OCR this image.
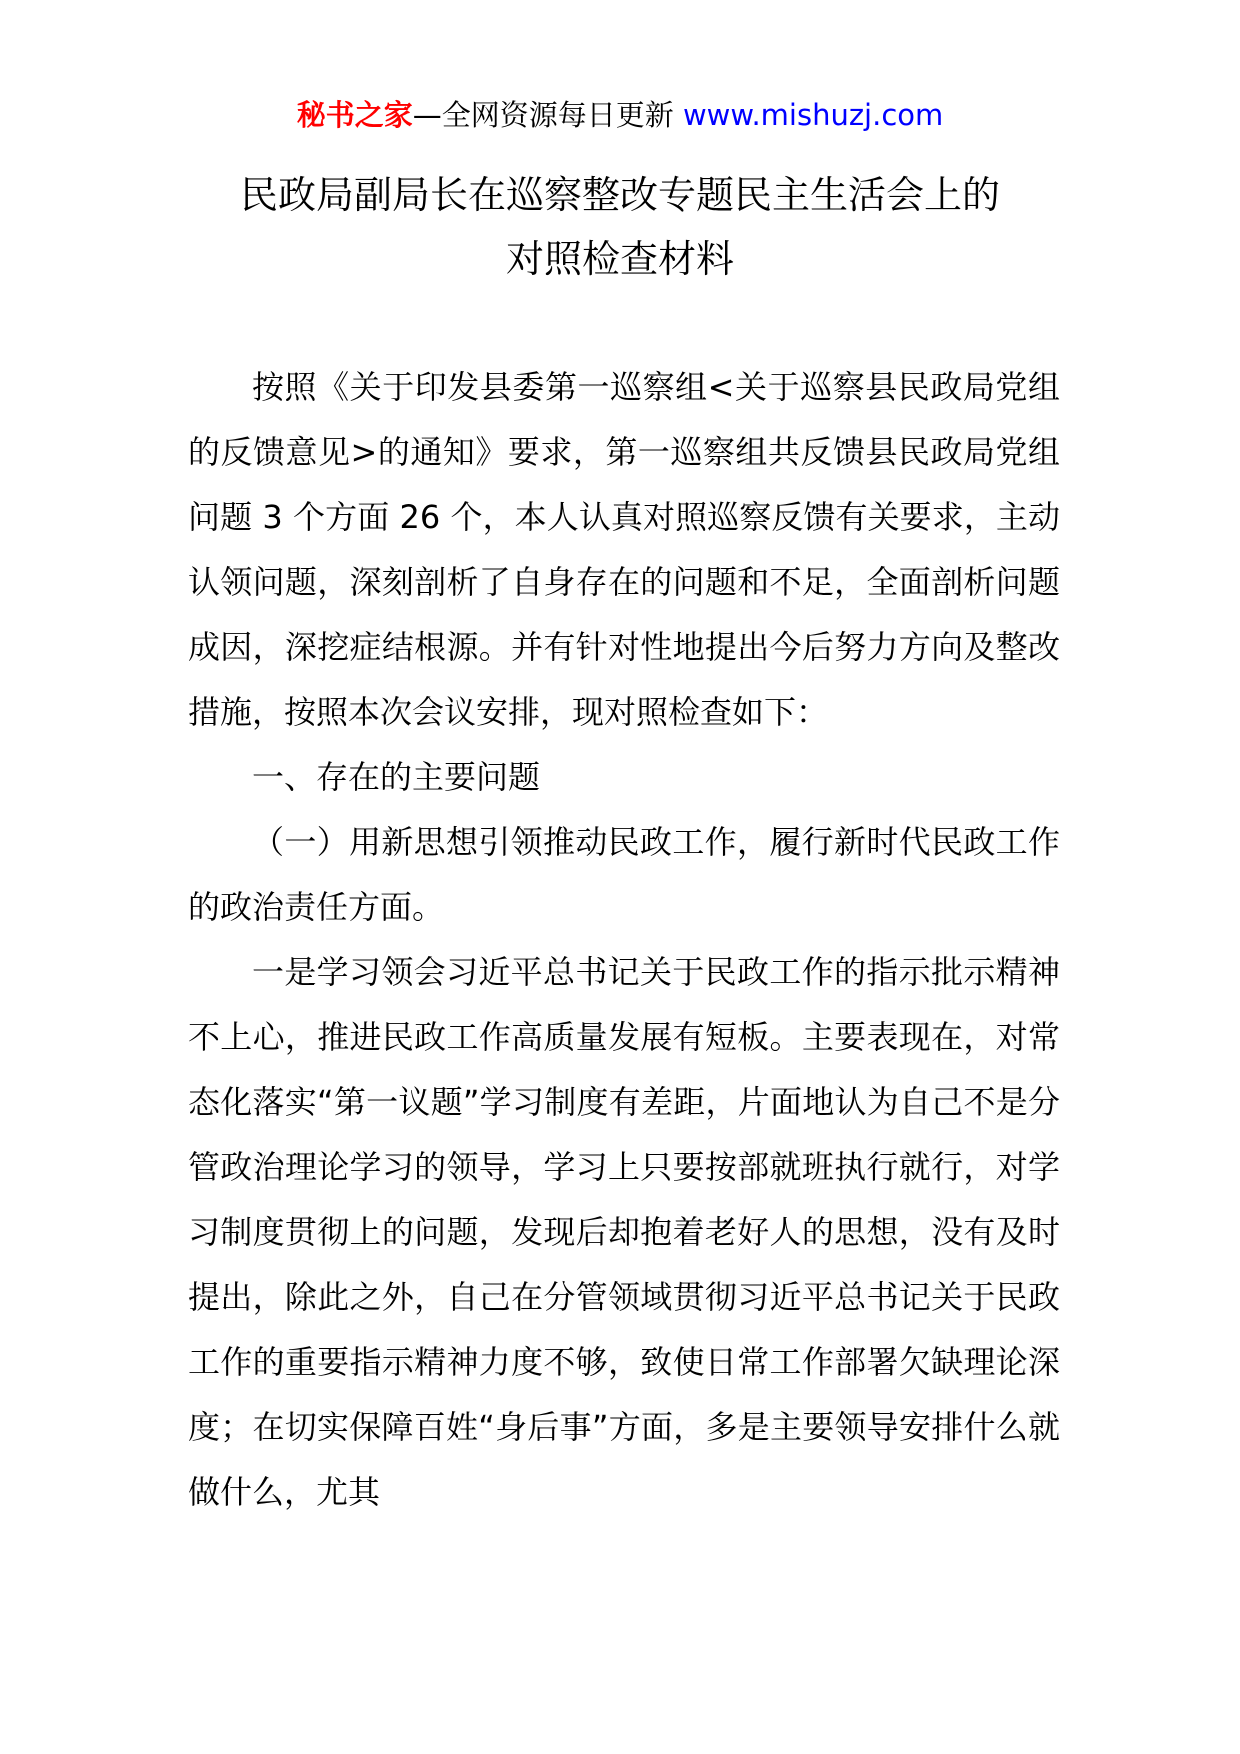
秘书之家—全网资源每日更新 www.mishuzj.com
民政局副局长在巡察整改专题民主生活会上的
对照检查材料

按照《关于印发县委第一巡察组<关于巡察县民政局党组的反馈意见>的通知》要求，第一巡察组共反馈县民政局党组问题 3 个方面 26 个，本人认真对照巡察反馈有关要求，主动认领问题，深刻剖析了自身存在的问题和不足，全面剖析问题成因，深挖症结根源。并有针对性地提出今后努力方向及整改措施，按照本次会议安排，现对照检查如下：

一、存在的主要问题

（一）用新思想引领推动民政工作，履行新时代民政工作的政治责任方面。

一是学习领会习近平总书记关于民政工作的指示批示精神不上心，推进民政工作高质量发展有短板。主要表现在，对常态化落实“第一议题”学习制度有差距，片面地认为自己不是分管政治理论学习的领导，学习上只要按部就班执行就行，对学习制度贯彻上的问题，发现后却抱着老好人的思想，没有及时提出，除此之外，自己在分管领域贯彻习近平总书记关于民政工作的重要指示精神力度不够，致使日常工作部署欠缺理论深度；在切实保障百姓“身后事”方面，多是主要领导安排什么就做什么，尤其
